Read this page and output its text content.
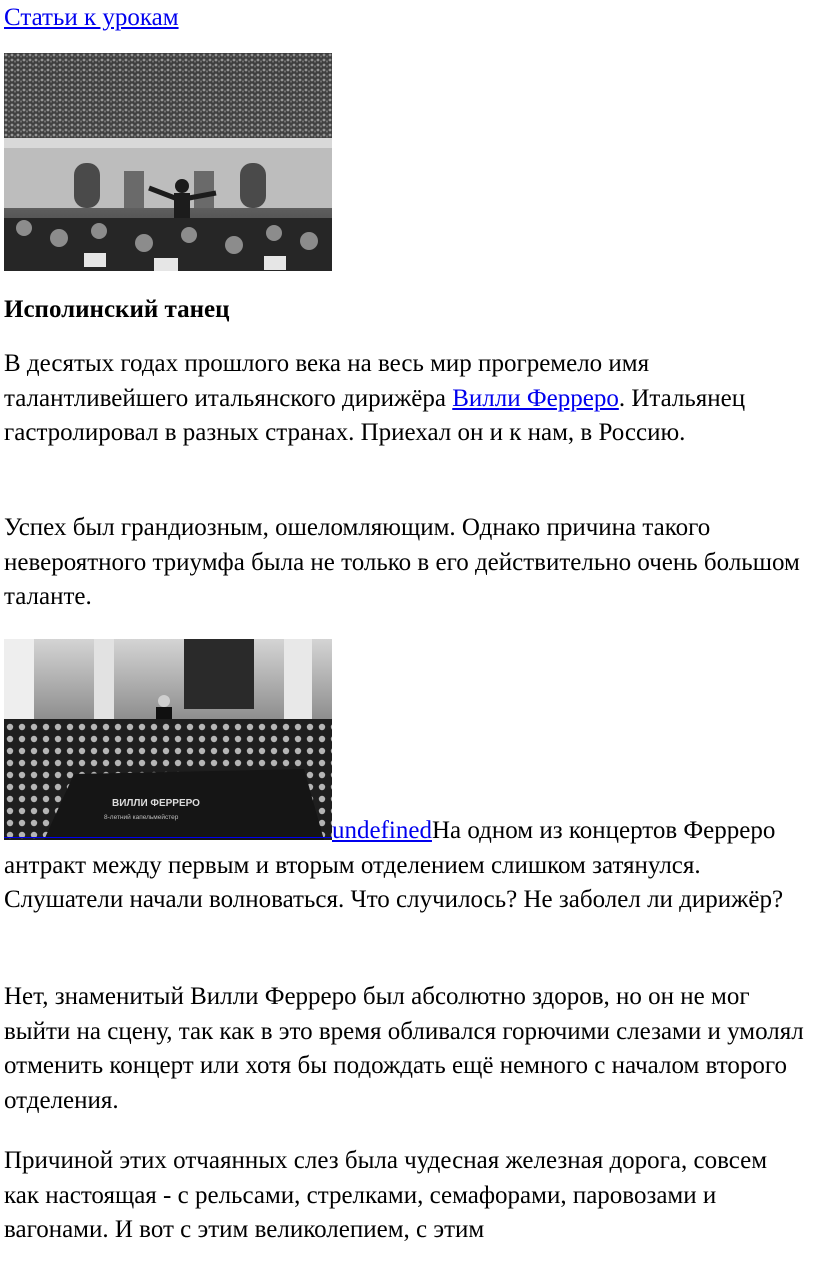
Статьи к урокам
Исполинский танец

В десятых годах прошлого века на весь мир прогремело имя талантливейшего итальянского дирижёра Вилли Ферреро. Итальянец гастролировал в разных странах. Приехал он и к нам, в Россию.

Успех был грандиозным, ошеломляющим. Однако причина такого невероятного триумфа была не только в его действительно очень большом таланте.

ВИЛЛИ ФЕРРЕРО
8-летний капельмейстер	undefinedНа одном из концертов Ферреро антракт между первым и вторым отделением слишком затянулся. Слушатели начали волноваться. Что случилось? Не заболел ли дирижёр?

Нет, знаменитый Вилли Ферреро был абсолютно здоров, но он не мог выйти на сцену, так как в это время обливался горючими слезами и умолял отменить концерт или хотя бы подождать ещё немного с началом второго отделения.

Причиной этих отчаянных слез была чудесная железная дорога, совсем как настоящая - с рельсами, стрелками, семафорами, паровозами и вагонами. И вот с этим великолепием, с этим
